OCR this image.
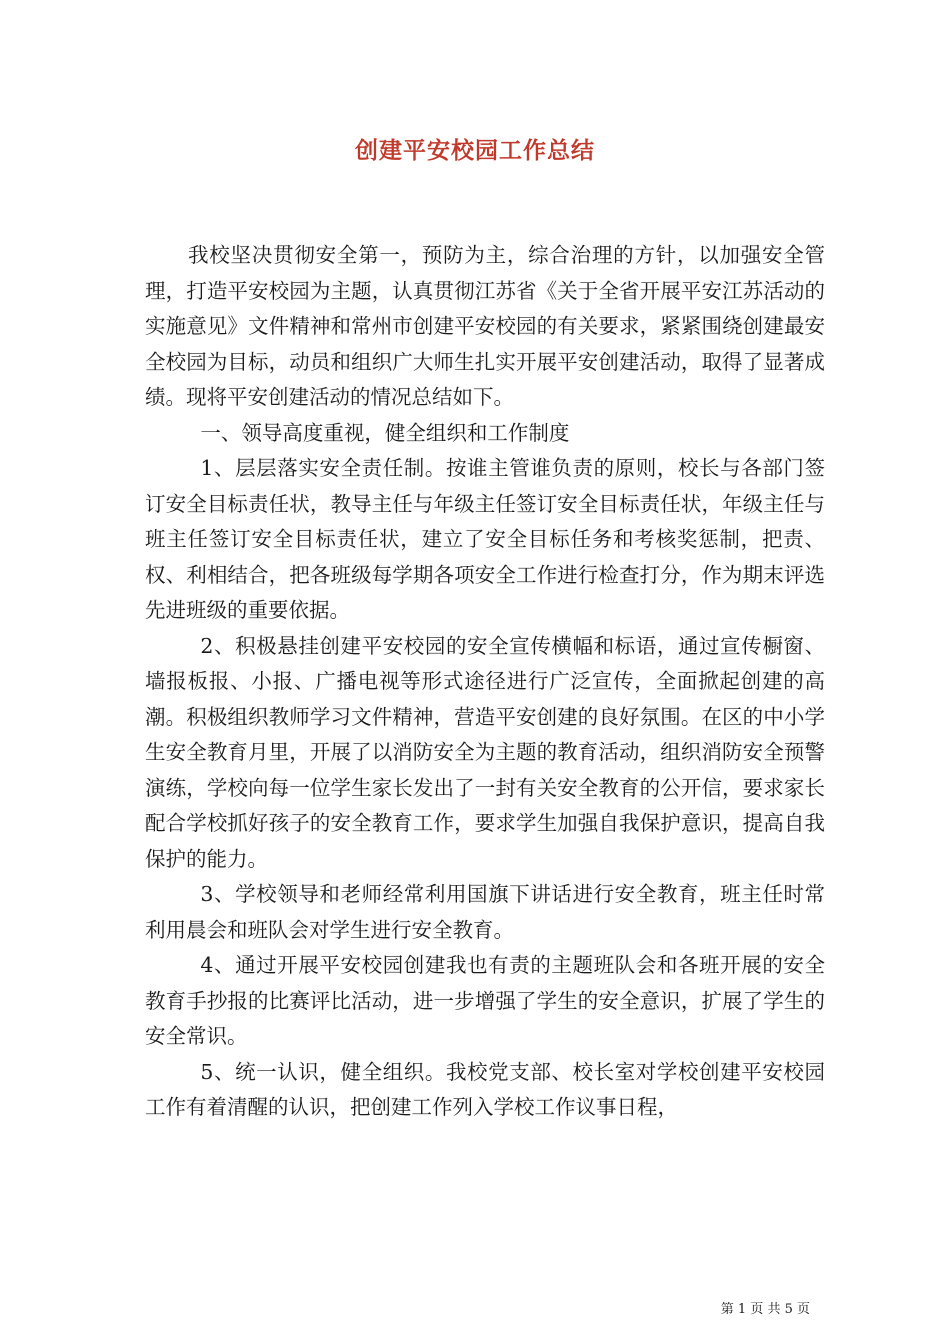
创建平安校园工作总结

我校坚决贯彻安全第一，预防为主，综合治理的方针，以加强安全管理，打造平安校园为主题，认真贯彻江苏省《关于全省开展平安江苏活动的实施意见》文件精神和常州市创建平安校园的有关要求，紧紧围绕创建最安全校园为目标，动员和组织广大师生扎实开展平安创建活动，取得了显著成绩。现将平安创建活动的情况总结如下。

一、领导高度重视，健全组织和工作制度

1、层层落实安全责任制。按谁主管谁负责的原则，校长与各部门签订安全目标责任状，教导主任与年级主任签订安全目标责任状，年级主任与班主任签订安全目标责任状，建立了安全目标任务和考核奖惩制，把责、权、利相结合，把各班级每学期各项安全工作进行检查打分，作为期末评选先进班级的重要依据。

2、积极悬挂创建平安校园的安全宣传横幅和标语，通过宣传橱窗、墙报板报、小报、广播电视等形式途径进行广泛宣传，全面掀起创建的高潮。积极组织教师学习文件精神，营造平安创建的良好氛围。在区的中小学生安全教育月里，开展了以消防安全为主题的教育活动，组织消防安全预警演练，学校向每一位学生家长发出了一封有关安全教育的公开信，要求家长配合学校抓好孩子的安全教育工作，要求学生加强自我保护意识，提高自我保护的能力。

3、学校领导和老师经常利用国旗下讲话进行安全教育，班主任时常利用晨会和班队会对学生进行安全教育。

4、通过开展平安校园创建我也有责的主题班队会和各班开展的安全教育手抄报的比赛评比活动，进一步增强了学生的安全意识，扩展了学生的安全常识。

5、统一认识，健全组织。我校党支部、校长室对学校创建平安校园工作有着清醒的认识，把创建工作列入学校工作议事日程，

第 1 页 共 5 页
